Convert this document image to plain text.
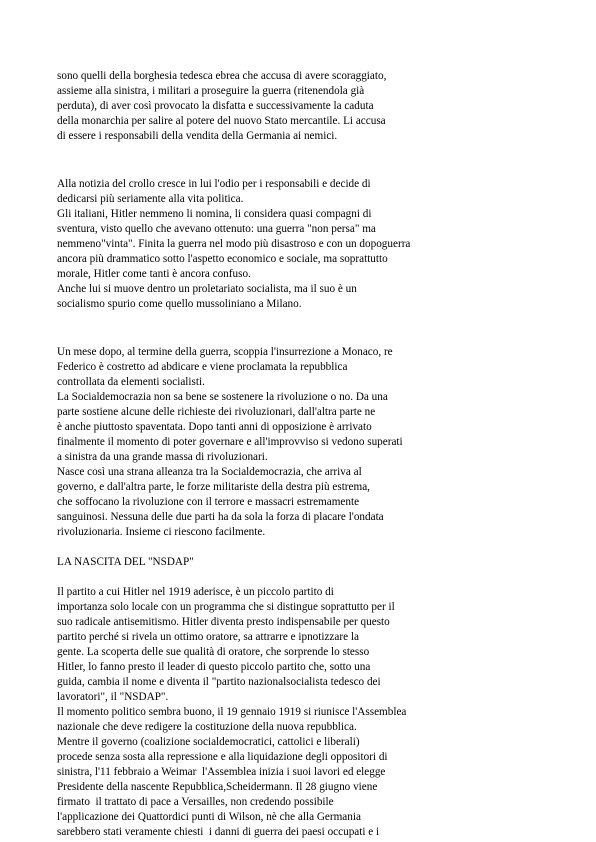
sono quelli della borghesia tedesca ebrea che accusa di avere scoraggiato,
assieme alla sinistra, i militari a proseguire la guerra (ritenendola già
perduta), di aver così provocato la disfatta e successivamente la caduta
della monarchia per salire al potere del nuovo Stato mercantile. Li accusa
di essere i responsabili della vendita della Germania ai nemici.
Alla notizia del crollo cresce in lui l'odio per i responsabili e decide di
dedicarsi più seriamente alla vita politica.
Gli italiani, Hitler nemmeno li nomina, li considera quasi compagni di
sventura, visto quello che avevano ottenuto: una guerra "non persa" ma
nemmeno"vinta". Finita la guerra nel modo più disastroso e con un dopoguerra
ancora più drammatico sotto l'aspetto economico e sociale, ma soprattutto
morale, Hitler come tanti è ancora confuso.
Anche lui si muove dentro un proletariato socialista, ma il suo è un
socialismo spurio come quello mussoliniano a Milano.
Un mese dopo, al termine della guerra, scoppia l'insurrezione a Monaco, re
Federico è costretto ad abdicare e viene proclamata la repubblica
controllata da elementi socialisti.
La Socialdemocrazia non sa bene se sostenere la rivoluzione o no. Da una
parte sostiene alcune delle richieste dei rivoluzionari, dall'altra parte ne
è anche piuttosto spaventata. Dopo tanti anni di opposizione è arrivato
finalmente il momento di poter governare e all'improvviso si vedono superati
a sinistra da una grande massa di rivoluzionari.
Nasce così una strana alleanza tra la Socialdemocrazia, che arriva al
governo, e dall'altra parte, le forze militariste della destra più estrema,
che soffocano la rivoluzione con il terrore e massacri estremamente
sanguinosi. Nessuna delle due parti ha da sola la forza di placare l'ondata
rivoluzionaria. Insieme ci riescono facilmente.
LA NASCITA DEL "NSDAP"
Il partito a cui Hitler nel 1919 aderisce, è un piccolo partito di
importanza solo locale con un programma che si distingue soprattutto per il
suo radicale antisemitismo. Hitler diventa presto indispensabile per questo
partito perché si rivela un ottimo oratore, sa attrarre e ipnotizzare la
gente. La scoperta delle sue qualità di oratore, che sorprende lo stesso
Hitler, lo fanno presto il leader di questo piccolo partito che, sotto una
guida, cambia il nome e diventa il "partito nazionalsocialista tedesco dei
lavoratori", il "NSDAP".
Il momento politico sembra buono, il 19 gennaio 1919 si riunisce l'Assemblea
nazionale che deve redigere la costituzione della nuova repubblica.
Mentre il governo (coalizione socialdemocratici, cattolici e liberali)
procede senza sosta alla repressione e alla liquidazione degli oppositori di
sinistra, l'11 febbraio a Weimar  l'Assemblea inizia i suoi lavori ed elegge
Presidente della nascente Repubblica,Scheidermann. Il 28 giugno viene
firmato  il trattato di pace a Versailles, non credendo possibile
l'applicazione dei Quattordici punti di Wilson, nè che alla Germania
sarebbero stati veramente chiesti  i danni di guerra dei paesi occupati e i
